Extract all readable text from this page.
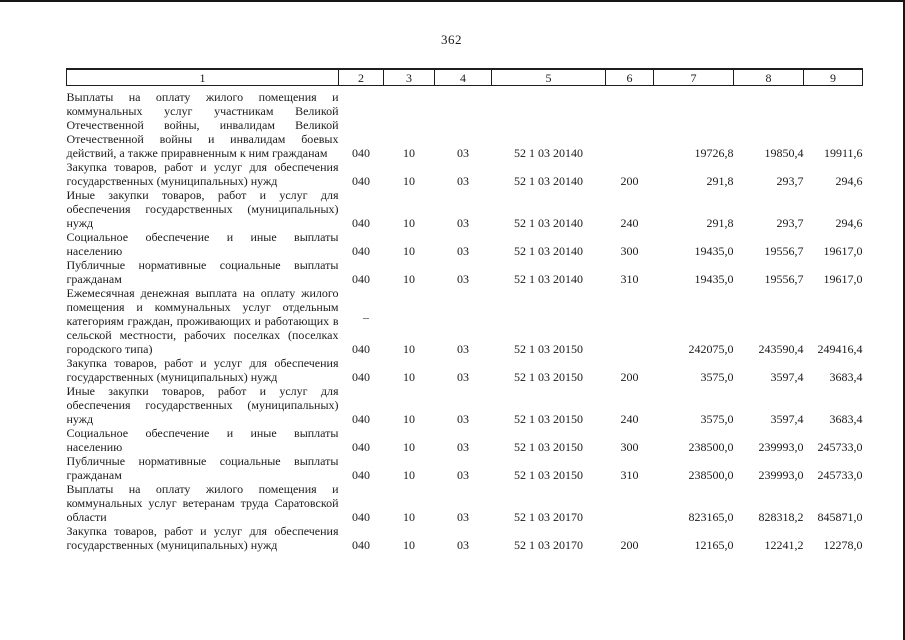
362
1	2	3	4	5	6	7	8	9
Выплаты на оплату жилого помещения и коммунальных услуг участникам Великой Отечественной войны, инвалидам Великой Отечественной войны и инвалидам боевых действий, а также приравненным к ним гражданам	040	10	03	52 1 03 20140		19726,8	19850,4	19911,6
Закупка товаров, работ и услуг для обеспечения государственных (муниципальных) нужд	040	10	03	52 1 03 20140	200	291,8	293,7	294,6
Иные закупки товаров, работ и услуг для обеспечения государственных (муниципальных) нужд	040	10	03	52 1 03 20140	240	291,8	293,7	294,6
Социальное обеспечение и иные выплаты населению	040	10	03	52 1 03 20140	300	19435,0	19556,7	19617,0
Публичные нормативные социальные выплаты гражданам	040	10	03	52 1 03 20140	310	19435,0	19556,7	19617,0
Ежемесячная денежная выплата на оплату жилого помещения и коммунальных услуг отдельным категориям граждан, проживающих и работающих в сельской местности, рабочих поселках (поселках городского типа)	040	10	03	52 1 03 20150		242075,0	243590,4	249416,4
Закупка товаров, работ и услуг для обеспечения государственных (муниципальных) нужд	040	10	03	52 1 03 20150	200	3575,0	3597,4	3683,4
Иные закупки товаров, работ и услуг для обеспечения государственных (муниципальных) нужд	040	10	03	52 1 03 20150	240	3575,0	3597,4	3683,4
Социальное обеспечение и иные выплаты населению	040	10	03	52 1 03 20150	300	238500,0	239993,0	245733,0
Публичные нормативные социальные выплаты гражданам	040	10	03	52 1 03 20150	310	238500,0	239993,0	245733,0
Выплаты на оплату жилого помещения и коммунальных услуг ветеранам труда Саратовской области	040	10	03	52 1 03 20170		823165,0	828318,2	845871,0
Закупка товаров, работ и услуг для обеспечения государственных (муниципальных) нужд	040	10	03	52 1 03 20170	200	12165,0	12241,2	12278,0
–
